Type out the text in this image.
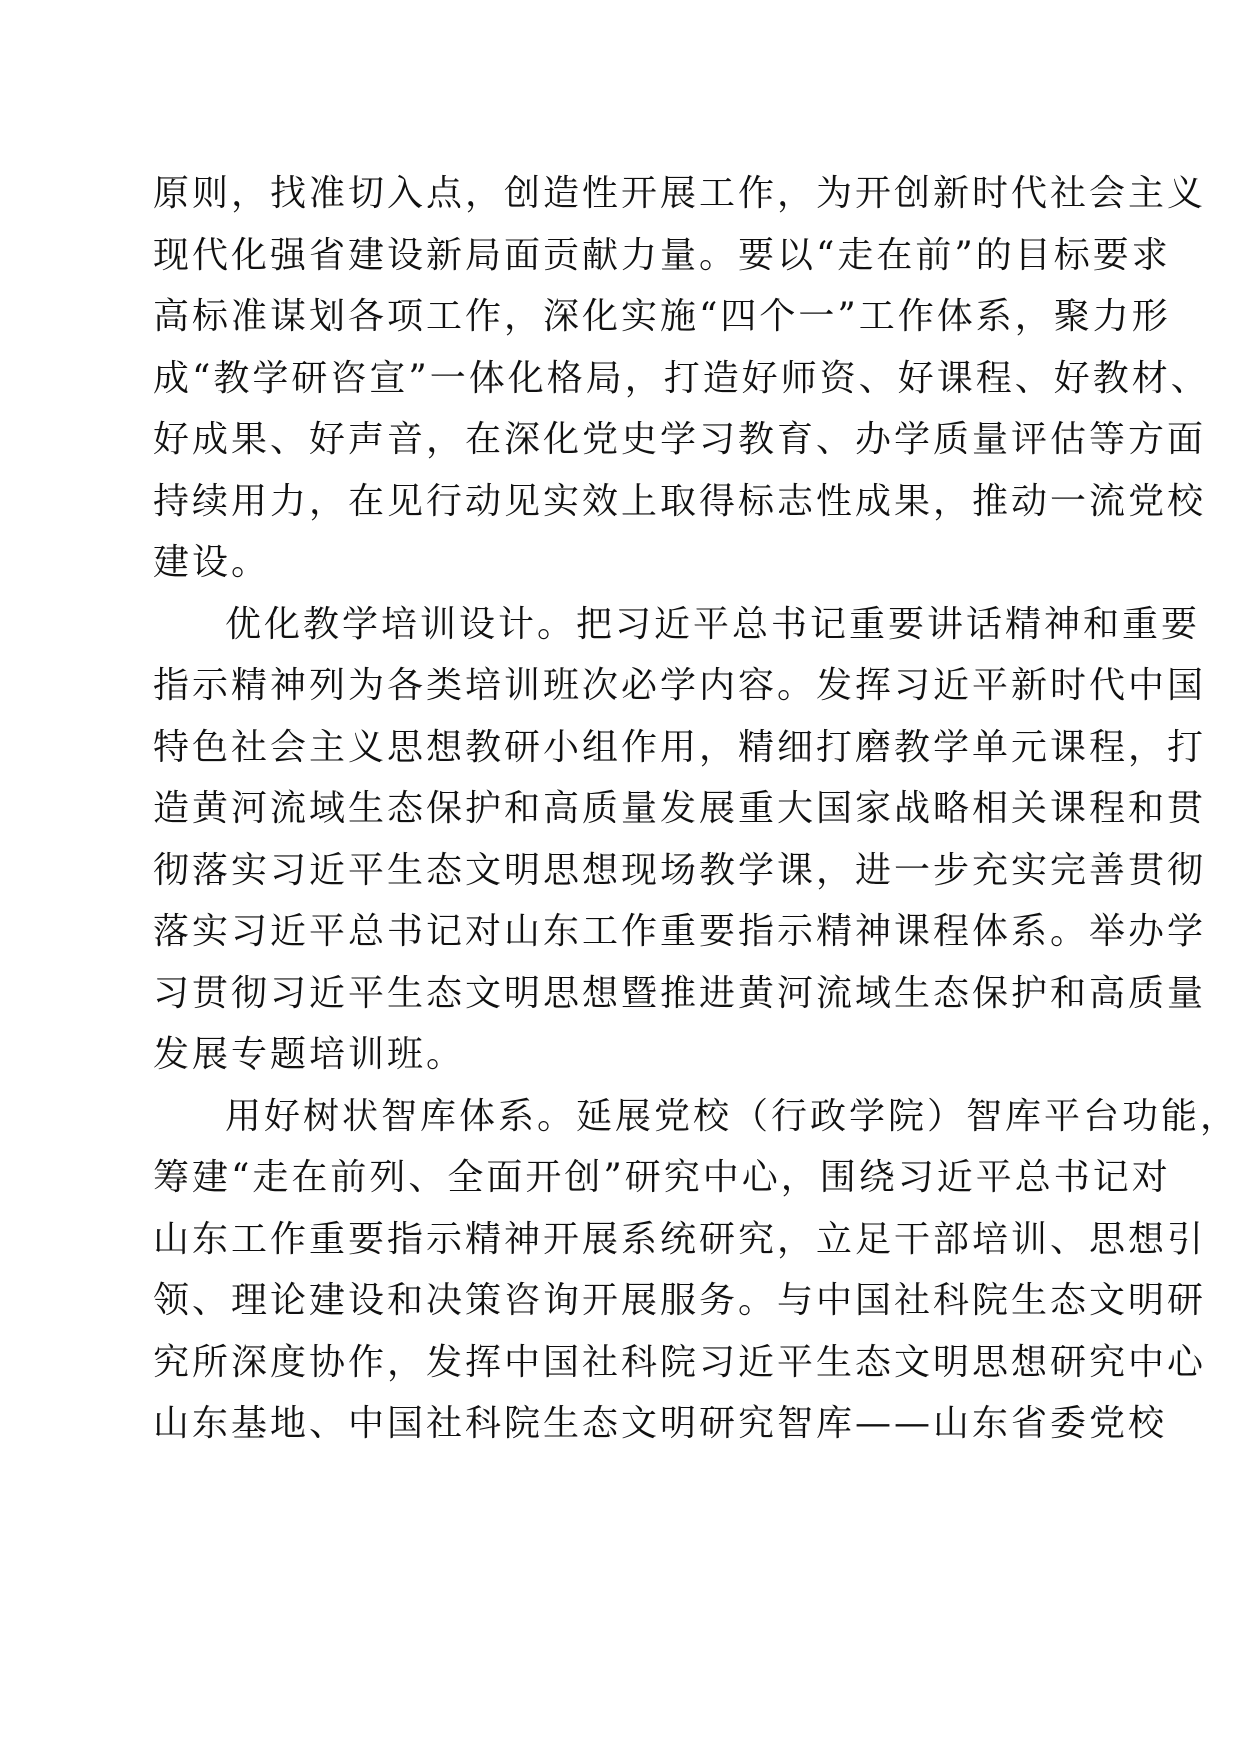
原则，找准切入点，创造性开展工作，为开创新时代社会主义
现代化强省建设新局面贡献力量。要以“走在前”的目标要求
高标准谋划各项工作，深化实施“四个一”工作体系，聚力形
成“教学研咨宣”一体化格局，打造好师资、好课程、好教材、
好成果、好声音，在深化党史学习教育、办学质量评估等方面
持续用力，在见行动见实效上取得标志性成果，推动一流党校
建设。
优化教学培训设计。把习近平总书记重要讲话精神和重要
指示精神列为各类培训班次必学内容。发挥习近平新时代中国
特色社会主义思想教研小组作用，精细打磨教学单元课程，打
造黄河流域生态保护和高质量发展重大国家战略相关课程和贯
彻落实习近平生态文明思想现场教学课，进一步充实完善贯彻
落实习近平总书记对山东工作重要指示精神课程体系。举办学
习贯彻习近平生态文明思想暨推进黄河流域生态保护和高质量
发展专题培训班。
用好树状智库体系。延展党校（行政学院）智库平台功能，
筹建“走在前列、全面开创”研究中心，围绕习近平总书记对
山东工作重要指示精神开展系统研究，立足干部培训、思想引
领、理论建设和决策咨询开展服务。与中国社科院生态文明研
究所深度协作，发挥中国社科院习近平生态文明思想研究中心
山东基地、中国社科院生态文明研究智库——山东省委党校
